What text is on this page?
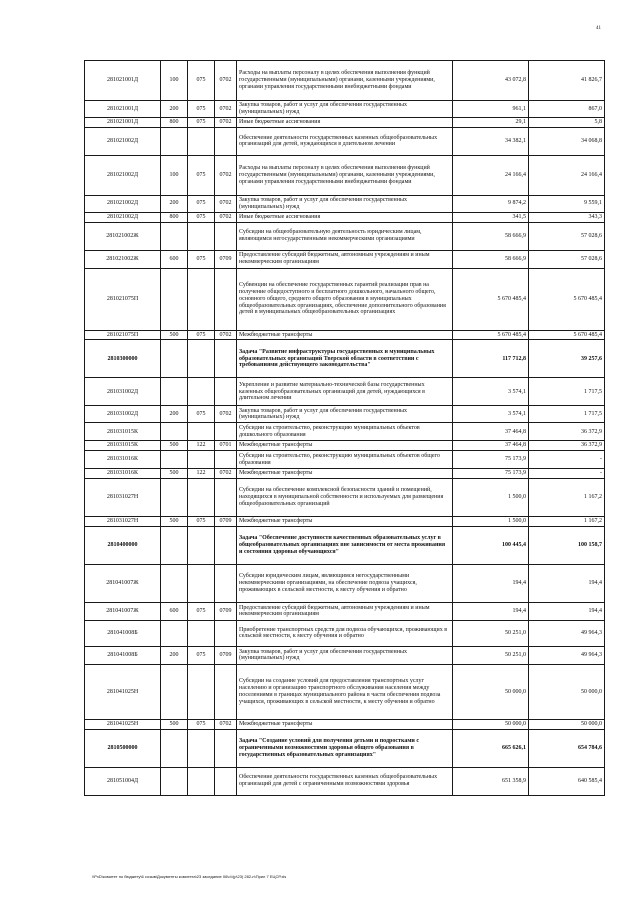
41
281021001Д	100	075	0702	Расходы на выплаты персоналу в целях обеспечения выполнения функций государственными (муниципальными) органами, казенными учреждениями, органами управления государственными внебюджетными фондами	43 072,8	41 826,7
281021001Д	200	075	0702	Закупка товаров, работ и услуг для обеспечения государственных (муниципальных) нужд	961,1	867,0
281021001Д	800	075	0702	Иные бюджетные ассигнования	29,1	5,8
281021002Д				Обеспечение деятельности государственных казенных общеобразовательных организаций для детей, нуждающихся в длительном лечении	34 382,1	34 068,8
281021002Д	100	075	0702	Расходы на выплаты персоналу в целях обеспечения выполнения функций государственными (муниципальными) органами, казенными учреждениями, органами управления государственными внебюджетными фондами	24 166,4	24 166,4
281021002Д	200	075	0702	Закупка товаров, работ и услуг для обеспечения государственных (муниципальных) нужд	9 874,2	9 559,1
281021002Д	800	075	0702	Иные бюджетные ассигнования	341,5	343,3
281021002Ж				Субсидии на общеобразовательную деятельность юридическим лицам, являющимся негосударственными некоммерческими организациями	58 666,9	57 028,6
281021002Ж	600	075	0709	Предоставление субсидий бюджетным, автономным учреждениям и иным некоммерческим организациям	58 666,9	57 028,6
281021075П				Субвенции на обеспечение государственных гарантий реализации прав на получение общедоступного и бесплатного дошкольного, начального общего, основного общего, среднего общего образования в муниципальных общеобразовательных организациях, обеспечение дополнительного образования детей в муниципальных общеобразовательных организациях	5 670 485,4	5 670 485,4
281021075П	500	075	0702	Межбюджетные трансферты	5 670 485,4	5 670 485,4
2810300000				Задача "Развитие инфраструктуры государственных и муниципальных образовательных организаций Тверской области в соответствии с требованиями действующего законодательства"	117 712,8	39 257,6
281031002Д				Укрепление и развитие материально-технической базы государственных казенных общеобразовательных организаций для детей, нуждающихся в длительном лечении	3 574,1	1 717,5
281031002Д	200	075	0702	Закупка товаров, работ и услуг для обеспечения государственных (муниципальных) нужд	3 574,1	1 717,5
281031015К				Субсидии на строительство, реконструкцию муниципальных объектов дошкольного образования	37 464,8	36 372,9
281031015К	500	122	0701	Межбюджетные трансферты	37 464,8	36 372,9
281031016К				Субсидии на строительство, реконструкцию муниципальных объектов общего образования	75 173,9	-
281031016К	500	122	0702	Межбюджетные трансферты	75 173,9	-
281031027Н				Субсидии на обеспечение комплексной безопасности зданий и помещений, находящихся в муниципальной собственности и используемых для размещения общеобразовательных организаций	1 500,0	1 167,2
281031027Н	500	075	0709	Межбюджетные трансферты	1 500,0	1 167,2
2810400000				Задача "Обеспечение доступности качественных образовательных услуг в общеобразовательных организациях вне зависимости от места проживания и состояния здоровья обучающихся"	100 445,4	100 158,7
281041007Ж				Субсидии юридическим лицам, являющимся негосударственными некоммерческими организациями, на обеспечение подвоза учащихся, проживающих в сельской местности, к месту обучения и обратно	194,4	194,4
281041007Ж	600	075	0709	Предоставление субсидий бюджетным, автономным учреждениям и иным некоммерческим организациям	194,4	194,4
281041008Б				Приобретение транспортных средств для подвоза обучающихся, проживающих в сельской местности, к месту обучения и обратно	50 251,0	49 964,3
281041008Б	200	075	0709	Закупка товаров, работ и услуг для обеспечения государственных (муниципальных) нужд	50 251,0	49 964,3
281041025Н				Субсидии на создание условий для предоставления транспортных услуг населению и организацию транспортного обслуживания населения между поселениями в границах муниципального района в части обеспечения подвоза учащихся, проживающих в сельской местности, к месту обучения и обратно	50 000,0	50 000,0
281041025Н	500	075	0702	Межбюджетные трансферты	50 000,0	50 000,0
2810500000				Задача "Создание условий для получения детьми и подростками с ограниченными возможностями здоровья общего образования в государственных образовательных организациях"	665 626,1	654 784,6
281051004Д				Обеспечение деятельности государственных казенных общеобразовательных организаций для детей с ограниченными возможностями здоровья	651 358,9	640 585,4
\\PxD\комитет по бюджету\6 созыв\Документы комитета\23 заседание 06\о\\(р\23) 282-п\Прил 7 ЕЦСР.xls
